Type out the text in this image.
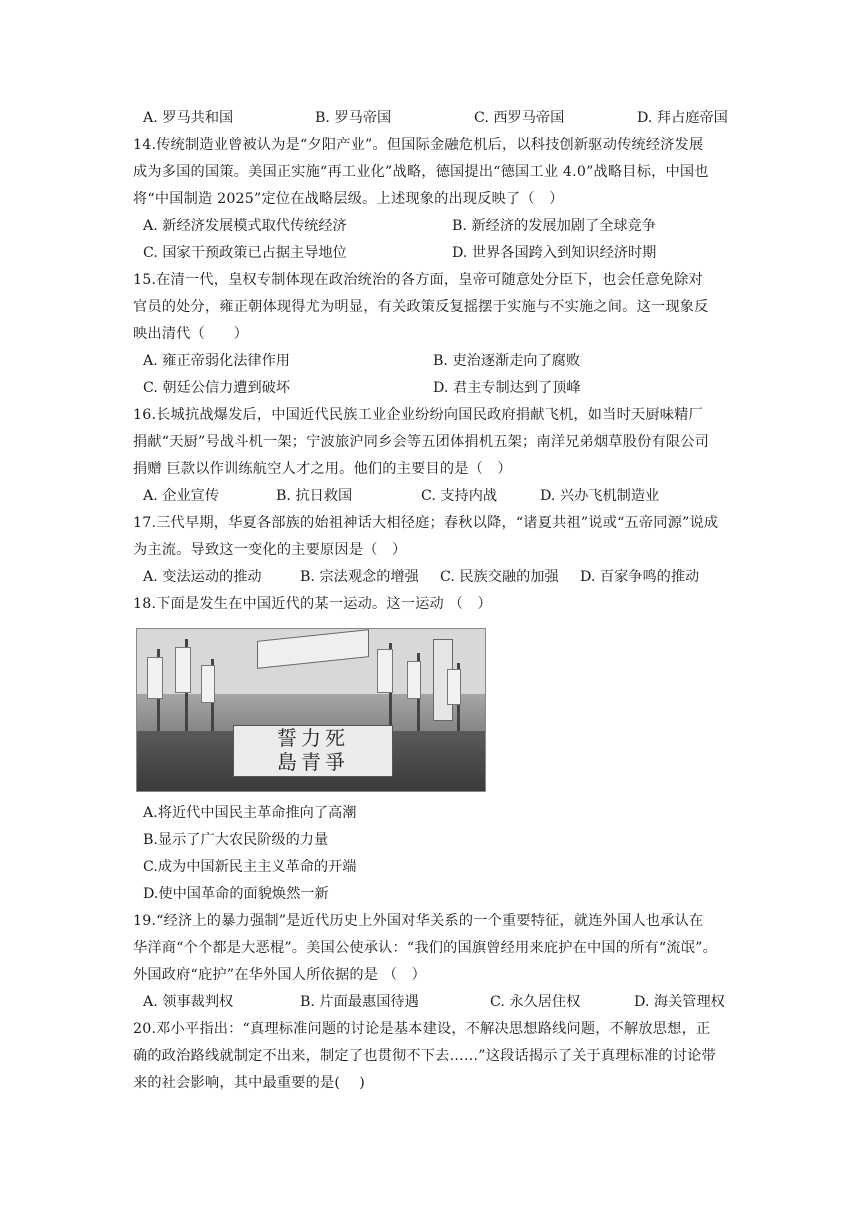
A. 罗马共和国	B. 罗马帝国	C. 西罗马帝国	D. 拜占庭帝国
14.传统制造业曾被认为是“夕阳产业”。但国际金融危机后，以科技创新驱动传统经济发展
成为多国的国策。美国正实施“再工业化”战略，德国提出“德国工业 4.0”战略目标，中国也
将“中国制造 2025”定位在战略层级。上述现象的出现反映了（　）
A. 新经济发展模式取代传统经济	B. 新经济的发展加剧了全球竞争
C. 国家干预政策已占据主导地位	D. 世界各国跨入到知识经济时期
15.在清一代，皇权专制体现在政治统治的各方面，皇帝可随意处分臣下，也会任意免除对
官员的处分，雍正朝体现得尤为明显，有关政策反复摇摆于实施与不实施之间。这一现象反
映出清代（　　）
A. 雍正帝弱化法律作用	B. 吏治逐渐走向了腐败
C. 朝廷公信力遭到破坏	D. 君主专制达到了顶峰
16.长城抗战爆发后，中国近代民族工业企业纷纷向国民政府捐献飞机，如当时天厨味精厂
捐献“天厨”号战斗机一架；宁波旅沪同乡会等五团体捐机五架；南洋兄弟烟草股份有限公司
捐赠 巨款以作训练航空人才之用。他们的主要目的是（　）
A. 企业宣传	B. 抗日救国	C. 支持内战	D. 兴办飞机制造业
17.三代早期，华夏各部族的始祖神话大相径庭；春秋以降，“诸夏共祖”说或“五帝同源”说成
为主流。导致这一变化的主要原因是（　）
A. 变法运动的推动	B. 宗法观念的增强 C. 民族交融的加强 D. 百家争鸣的推动
18.下面是发生在中国近代的某一运动。这一运动 （　）
誓力死
島青爭
A.将近代中国民主革命推向了高潮
B.显示了广大农民阶级的力量
C.成为中国新民主主义革命的开端
D.使中国革命的面貌焕然一新
19.“经济上的暴力强制”是近代历史上外国对华关系的一个重要特征，就连外国人也承认在
华洋商“个个都是大恶棍”。美国公使承认：“我们的国旗曾经用来庇护在中国的所有“流氓”。
外国政府“庇护”在华外国人所依据的是 （　）
A. 领事裁判权	B. 片面最惠国待遇	C. 永久居住权	D. 海关管理权
20.邓小平指出：“真理标准问题的讨论是基本建设，不解决思想路线问题，不解放思想，正
确的政治路线就制定不出来，制定了也贯彻不下去……”这段话揭示了关于真理标准的讨论带
来的社会影响，其中最重要的是(　 )
